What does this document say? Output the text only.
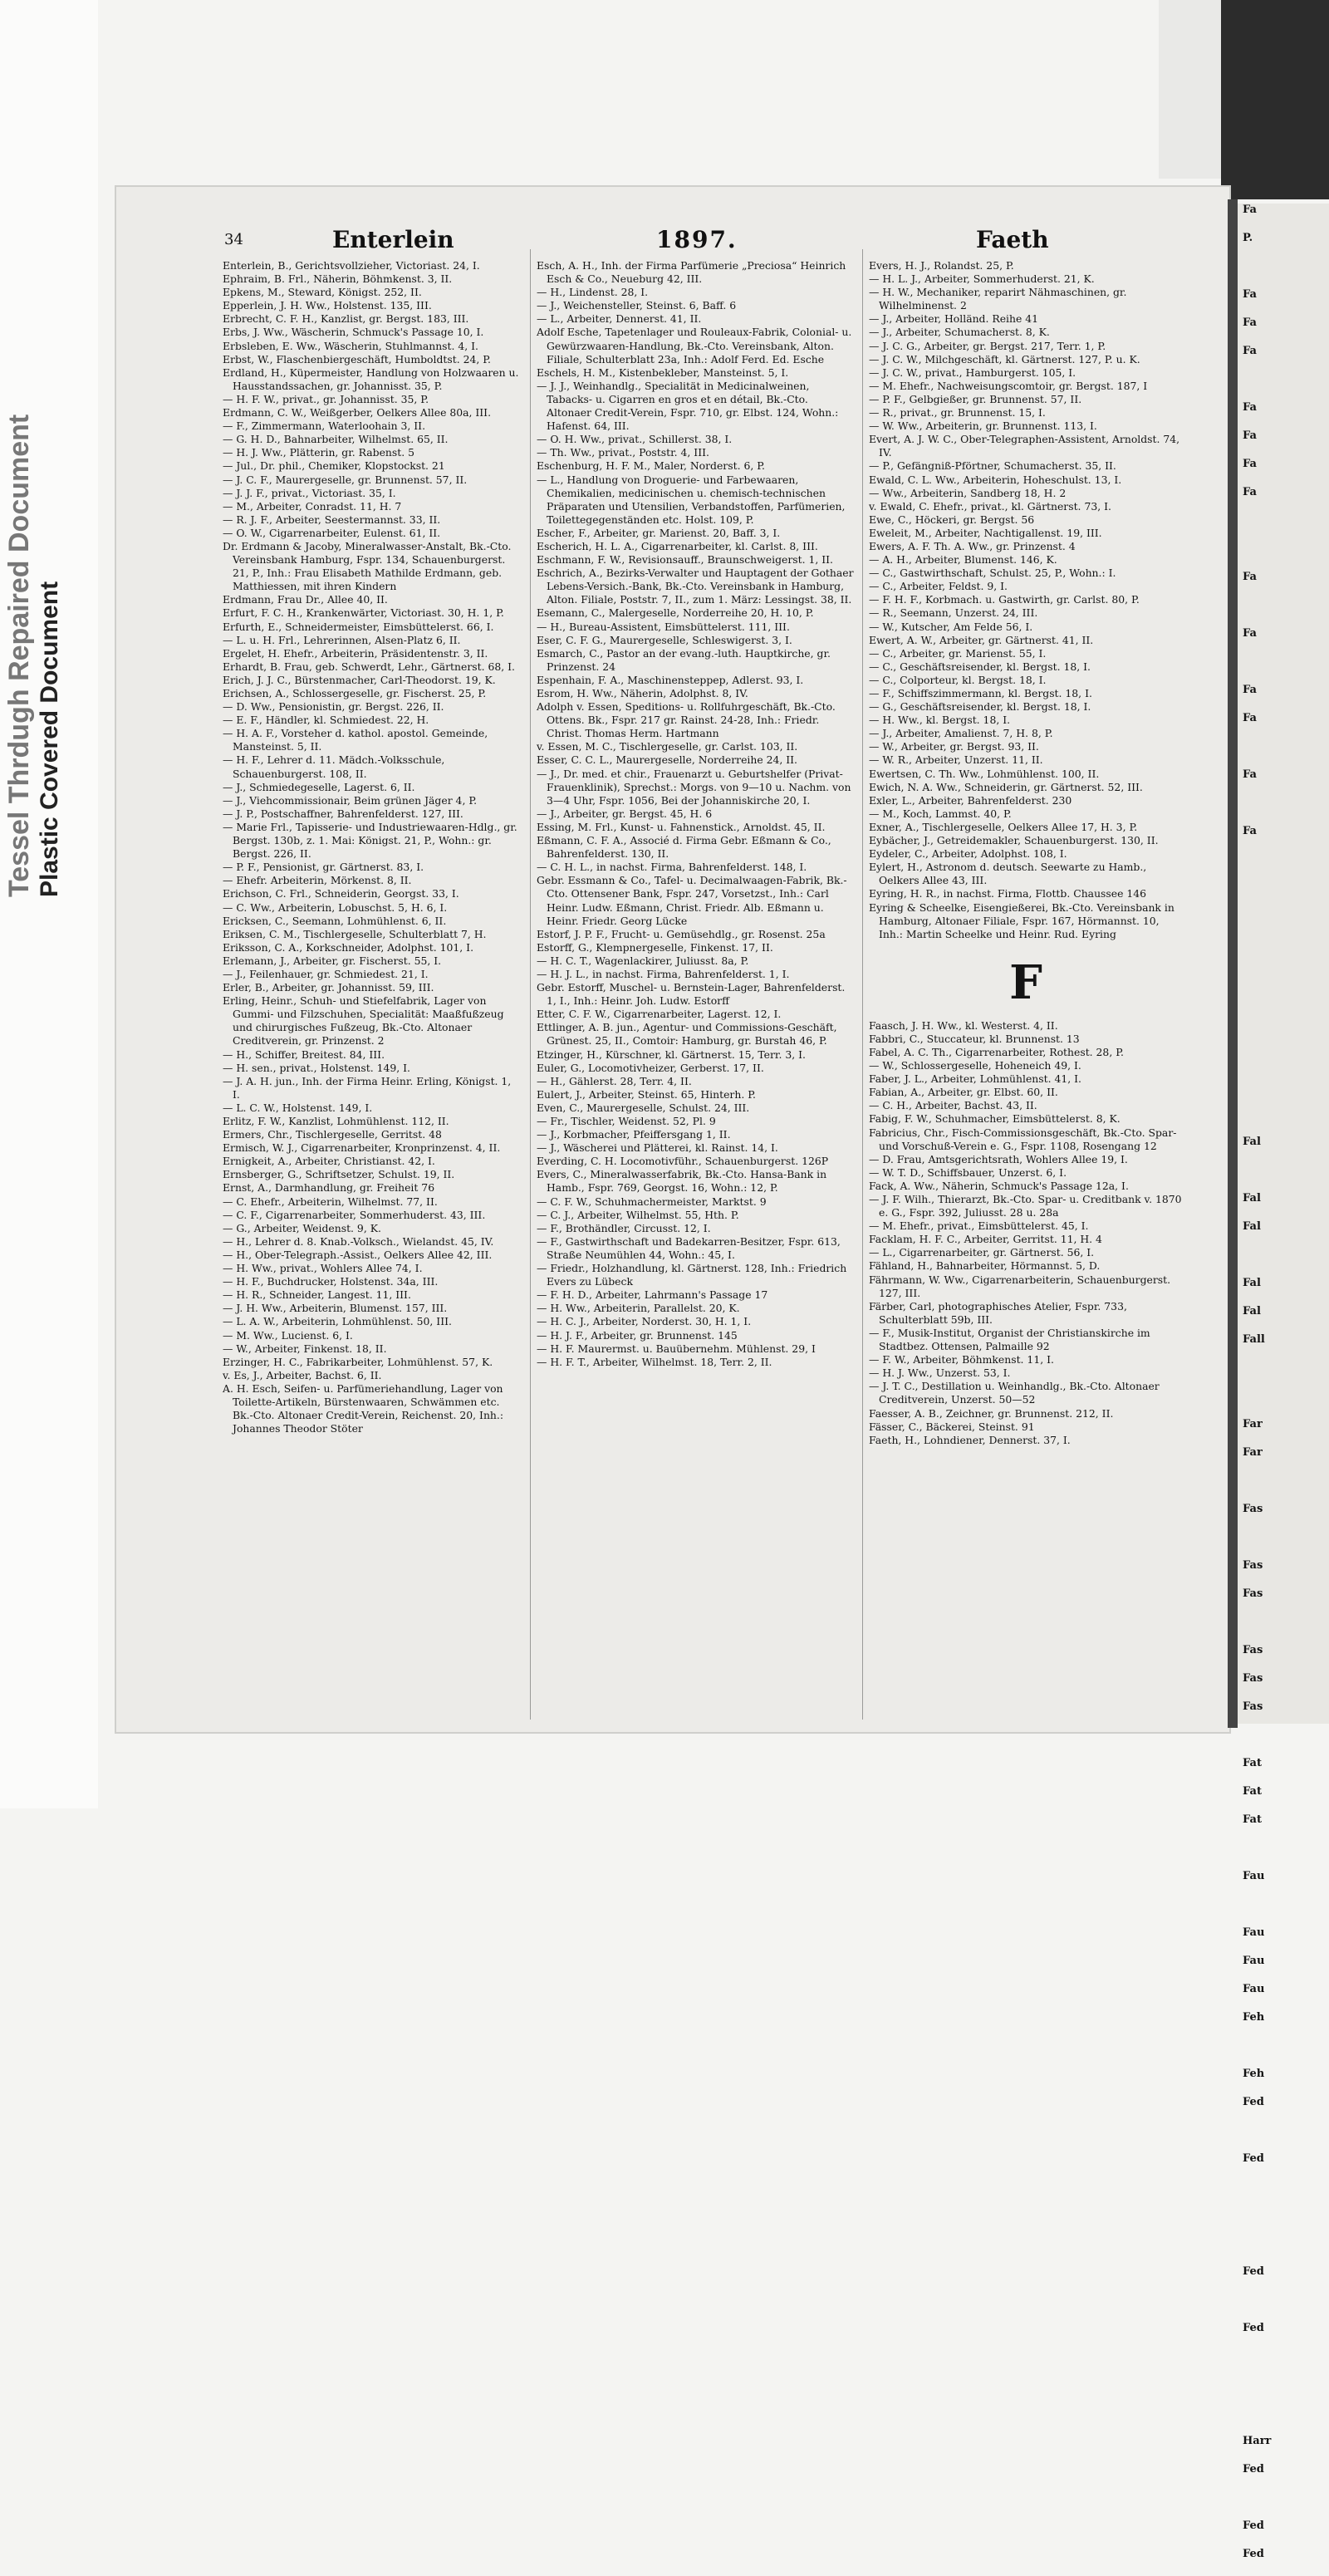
Tessel Thrdugh Repaired Document Plastic Covered Document
Fa
P.
Fa
Fa
Fa
Fa
Fa
Fa
Fa
Fa
Fa
Fa
Fa
Fa
Fa
Fal
Fal
Fal
Fal
Fal
Fall
Far
Far
Fas
Fas
Fas
Fas
Fas
Fas
Fat
Fat
Fat
Fau
Fau
Fau
Fau
Feh
Feh
Fed
Fed
Fed
Fed
Harr
Fed
Fed
Fed
34	Enterlein	1897.	Faeth

Enterlein, B., Gerichtsvollzieher, Victoriast. 24, I.

Ephraim, B. Frl., Näherin, Böhmkenst. 3, II.

Epkens, M., Steward, Königst. 252, II.

Epperlein, J. H. Ww., Holstenst. 135, III.

Erbrecht, C. F. H., Kanzlist, gr. Bergst. 183, III.

Erbs, J. Ww., Wäscherin, Schmuck's Passage 10, I.

Erbsleben, E. Ww., Wäscherin, Stuhlmannst. 4, I.

Erbst, W., Flaschenbiergeschäft, Humboldtst. 24, P.

Erdland, H., Küpermeister, Handlung von Holzwaaren u. Hausstandssachen, gr. Johannisst. 35, P.

— H. F. W., privat., gr. Johannisst. 35, P.

Erdmann, C. W., Weißgerber, Oelkers Allee 80a, III.

— F., Zimmermann, Waterloohain 3, II.

— G. H. D., Bahnarbeiter, Wilhelmst. 65, II.

— H. J. Ww., Plätterin, gr. Rabenst. 5

— Jul., Dr. phil., Chemiker, Klopstockst. 21

— J. C. F., Maurergeselle, gr. Brunnenst. 57, II.

— J. J. F., privat., Victoriast. 35, I.

— M., Arbeiter, Conradst. 11, H. 7

— R. J. F., Arbeiter, Seestermannst. 33, II.

— O. W., Cigarrenarbeiter, Eulenst. 61, II.

Dr. Erdmann & Jacoby, Mineralwasser-Anstalt, Bk.-Cto. Vereinsbank Hamburg, Fspr. 134, Schauenburgerst. 21, P., Inh.: Frau Elisabeth Mathilde Erdmann, geb. Matthiessen, mit ihren Kindern

Erdmann, Frau Dr., Allee 40, II.

Erfurt, F. C. H., Krankenwärter, Victoriast. 30, H. 1, P.

Erfurth, E., Schneidermeister, Eimsbüttelerst. 66, I.

— L. u. H. Frl., Lehrerinnen, Alsen-Platz 6, II.

Ergelet, H. Ehefr., Arbeiterin, Präsidentenstr. 3, II.

Erhardt, B. Frau, geb. Schwerdt, Lehr., Gärtnerst. 68, I.

Erich, J. J. C., Bürstenmacher, Carl-Theodorst. 19, K.

Erichsen, A., Schlossergeselle, gr. Fischerst. 25, P.

— D. Ww., Pensionistin, gr. Bergst. 226, II.

— E. F., Händler, kl. Schmiedest. 22, H.

— H. A. F., Vorsteher d. kathol. apostol. Gemeinde, Mansteinst. 5, II.

— H. F., Lehrer d. 11. Mädch.-Volksschule, Schauenburgerst. 108, II.

— J., Schmiedegeselle, Lagerst. 6, II.

— J., Viehcommissionair, Beim grünen Jäger 4, P.

— J. P., Postschaffner, Bahrenfelderst. 127, III.

— Marie Frl., Tapisserie- und Industriewaaren-Hdlg., gr. Bergst. 130b, z. 1. Mai: Königst. 21, P., Wohn.: gr. Bergst. 226, II.

— P. F., Pensionist, gr. Gärtnerst. 83, I.

— Ehefr. Arbeiterin, Mörkenst. 8, II.

Erichson, C. Frl., Schneiderin, Georgst. 33, I.

— C. Ww., Arbeiterin, Lobuschst. 5, H. 6, I.

Ericksen, C., Seemann, Lohmühlenst. 6, II.

Eriksen, C. M., Tischlergeselle, Schulterblatt 7, H.

Eriksson, C. A., Korkschneider, Adolphst. 101, I.

Erlemann, J., Arbeiter, gr. Fischerst. 55, I.

— J., Feilenhauer, gr. Schmiedest. 21, I.

Erler, B., Arbeiter, gr. Johannisst. 59, III.

Erling, Heinr., Schuh- und Stiefelfabrik, Lager von Gummi- und Filzschuhen, Specialität: Maaßfußzeug und chirurgisches Fußzeug, Bk.-Cto. Altonaer Creditverein, gr. Prinzenst. 2

— H., Schiffer, Breitest. 84, III.

— H. sen., privat., Holstenst. 149, I.

— J. A. H. jun., Inh. der Firma Heinr. Erling, Königst. 1, I.

— L. C. W., Holstenst. 149, I.

Erlitz, F. W., Kanzlist, Lohmühlenst. 112, II.

Ermers, Chr., Tischlergeselle, Gerritst. 48

Ermisch, W. J., Cigarrenarbeiter, Kronprinzenst. 4, II.

Ernigkeit, A., Arbeiter, Christianst. 42, I.

Ernsberger, G., Schriftsetzer, Schulst. 19, II.

Ernst, A., Darmhandlung, gr. Freiheit 76

— C. Ehefr., Arbeiterin, Wilhelmst. 77, II.

— C. F., Cigarrenarbeiter, Sommerhuderst. 43, III.

— G., Arbeiter, Weidenst. 9, K.

— H., Lehrer d. 8. Knab.-Volksch., Wielandst. 45, IV.

— H., Ober-Telegraph.-Assist., Oelkers Allee 42, III.

— H. Ww., privat., Wohlers Allee 74, I.

— H. F., Buchdrucker, Holstenst. 34a, III.

— H. R., Schneider, Langest. 11, III.

— J. H. Ww., Arbeiterin, Blumenst. 157, III.

— L. A. W., Arbeiterin, Lohmühlenst. 50, III.

— M. Ww., Lucienst. 6, I.

— W., Arbeiter, Finkenst. 18, II.

Erzinger, H. C., Fabrikarbeiter, Lohmühlenst. 57, K.

v. Es, J., Arbeiter, Bachst. 6, II.

A. H. Esch, Seifen- u. Parfümeriehandlung, Lager von Toilette-Artikeln, Bürstenwaaren, Schwämmen etc. Bk.-Cto. Altonaer Credit-Verein, Reichenst. 20, Inh.: Johannes Theodor Stöter

Esch, A. H., Inh. der Firma Parfümerie „Preciosa“ Heinrich Esch & Co., Neueburg 42, III.

— H., Lindenst. 28, I.

— J., Weichensteller, Steinst. 6, Baff. 6

— L., Arbeiter, Dennerst. 41, II.

Adolf Esche, Tapetenlager und Rouleaux-Fabrik, Colonial- u. Gewürzwaaren-Handlung, Bk.-Cto. Vereinsbank, Alton. Filiale, Schulterblatt 23a, Inh.: Adolf Ferd. Ed. Esche

Eschels, H. M., Kistenbekleber, Mansteinst. 5, I.

— J. J., Weinhandlg., Specialität in Medicinalweinen, Tabacks- u. Cigarren en gros et en détail, Bk.-Cto. Altonaer Credit-Verein, Fspr. 710, gr. Elbst. 124, Wohn.: Hafenst. 64, III.

— O. H. Ww., privat., Schillerst. 38, I.

— Th. Ww., privat., Poststr. 4, III.

Eschenburg, H. F. M., Maler, Norderst. 6, P.

— L., Handlung von Droguerie- und Farbewaaren, Chemikalien, medicinischen u. chemisch-technischen Präparaten und Utensilien, Verbandstoffen, Parfümerien, Toilettegegenständen etc. Holst. 109, P.

Escher, F., Arbeiter, gr. Marienst. 20, Baff. 3, I.

Escherich, H. L. A., Cigarrenarbeiter, kl. Carlst. 8, III.

Eschmann, F. W., Revisionsauff., Braunschweigerst. 1, II.

Eschrich, A., Bezirks-Verwalter und Hauptagent der Gothaer Lebens-Versich.-Bank, Bk.-Cto. Vereinsbank in Hamburg, Alton. Filiale, Poststr. 7, II., zum 1. März: Lessingst. 38, II.

Esemann, C., Malergeselle, Norderreihe 20, H. 10, P.

— H., Bureau-Assistent, Eimsbüttelerst. 111, III.

Eser, C. F. G., Maurergeselle, Schleswigerst. 3, I.

Esmarch, C., Pastor an der evang.-luth. Hauptkirche, gr. Prinzenst. 24

Espenhain, F. A., Maschinensteppер, Adlerst. 93, I.

Esrom, H. Ww., Näherin, Adolphst. 8, IV.

Adolph v. Essen, Speditions- u. Rollfuhrgeschäft, Bk.-Cto. Ottens. Bk., Fspr. 217 gr. Rainst. 24-28, Inh.: Friedr. Christ. Thomas Herm. Hartmann

v. Essen, M. C., Tischlergeselle, gr. Carlst. 103, II.

Esser, C. C. L., Maurergeselle, Norderreihe 24, II.

— J., Dr. med. et chir., Frauenarzt u. Geburtshelfer (Privat-Frauenklinik), Sprechst.: Morgs. von 9—10 u. Nachm. von 3—4 Uhr, Fspr. 1056, Bei der Johanniskirche 20, I.

— J., Arbeiter, gr. Bergst. 45, H. 6

Essing, M. Frl., Kunst- u. Fahnenstick., Arnoldst. 45, II.

Eßmann, C. F. A., Associé d. Firma Gebr. Eßmann & Co., Bahrenfelderst. 130, II.

— C. H. L., in nachst. Firma, Bahrenfelderst. 148, I.

Gebr. Essmann & Co., Tafel- u. Decimalwaagen-Fabrik, Bk.-Cto. Ottensener Bank, Fspr. 247, Vorsetzst., Inh.: Carl Heinr. Ludw. Eßmann, Christ. Friedr. Alb. Eßmann u. Heinr. Friedr. Georg Lücke

Estorf, J. P. F., Frucht- u. Gemüsehdlg., gr. Rosenst. 25a

Estorff, G., Klempnergeselle, Finkenst. 17, II.

— H. C. T., Wagenlackirer, Juliusst. 8a, P.

— H. J. L., in nachst. Firma, Bahrenfelderst. 1, I.

Gebr. Estorff, Muschel- u. Bernstein-Lager, Bahrenfelderst. 1, I., Inh.: Heinr. Joh. Ludw. Estorff

Etter, C. F. W., Cigarrenarbeiter, Lagerst. 12, I.

Ettlinger, A. B. jun., Agentur- und Commissions-Geschäft, Grünest. 25, II., Comtoir: Hamburg, gr. Burstah 46, P.

Etzinger, H., Kürschner, kl. Gärtnerst. 15, Terr. 3, I.

Euler, G., Locomotivheizer, Gerberst. 17, II.

— H., Gählerst. 28, Terr. 4, II.

Eulert, J., Arbeiter, Steinst. 65, Hinterh. P.

Even, C., Maurergeselle, Schulst. 24, III.

— Fr., Tischler, Weidenst. 52, Pl. 9

— J., Korbmacher, Pfeiffersgang 1, II.

— J., Wäscherei und Plätterei, kl. Rainst. 14, I.

Everding, C. H. Locomotivführ., Schauenburgerst. 126P

Evers, C., Mineralwasserfabrik, Bk.-Cto. Hansa-Bank in Hamb., Fspr. 769, Georgst. 16, Wohn.: 12, P.

— C. F. W., Schuhmachermeister, Marktst. 9

— C. J., Arbeiter, Wilhelmst. 55, Hth. P.

— F., Brothändler, Circusst. 12, I.

— F., Gastwirthschaft und Badekarren-Besitzer, Fspr. 613, Straße Neumühlen 44, Wohn.: 45, I.

— Friedr., Holzhandlung, kl. Gärtnerst. 128, Inh.: Friedrich Evers zu Lübeck

— F. H. D., Arbeiter, Lahrmann's Passage 17

— H. Ww., Arbeiterin, Parallelst. 20, K.

— H. C. J., Arbeiter, Norderst. 30, H. 1, I.

— H. J. F., Arbeiter, gr. Brunnenst. 145

— H. F. Maurermst. u. Bauübernehm. Mühlenst. 29, I

— H. F. T., Arbeiter, Wilhelmst. 18, Terr. 2, II.

Evers, H. J., Rolandst. 25, P.

— H. L. J., Arbeiter, Sommerhuderst. 21, K.

— H. W., Mechaniker, reparirt Nähmaschinen, gr. Wilhelminenst. 2

— J., Arbeiter, Holländ. Reihe 41

— J., Arbeiter, Schumacherst. 8, K.

— J. C. G., Arbeiter, gr. Bergst. 217, Terr. 1, P.

— J. C. W., Milchgeschäft, kl. Gärtnerst. 127, P. u. K.

— J. C. W., privat., Hamburgerst. 105, I.

— M. Ehefr., Nachweisungscomtoir, gr. Bergst. 187, I

— P. F., Gelbgießer, gr. Brunnenst. 57, II.

— R., privat., gr. Brunnenst. 15, I.

— W. Ww., Arbeiterin, gr. Brunnenst. 113, I.

Evert, A. J. W. C., Ober-Telegraphen-Assistent, Arnoldst. 74, IV.

— P., Gefängniß-Pförtner, Schumacherst. 35, II.

Ewald, C. L. Ww., Arbeiterin, Hoheschulst. 13, I.

— Ww., Arbeiterin, Sandberg 18, H. 2

v. Ewald, C. Ehefr., privat., kl. Gärtnerst. 73, I.

Ewe, C., Höckeri, gr. Bergst. 56

Eweleit, M., Arbeiter, Nachtigallenst. 19, III.

Ewers, A. F. Th. A. Ww., gr. Prinzenst. 4

— A. H., Arbeiter, Blumenst. 146, K.

— C., Gastwirthschaft, Schulst. 25, P., Wohn.: I.

— C., Arbeiter, Feldst. 9, I.

— F. H. F., Korbmach. u. Gastwirth, gr. Carlst. 80, P.

— R., Seemann, Unzerst. 24, III.

— W., Kutscher, Am Felde 56, I.

Ewert, A. W., Arbeiter, gr. Gärtnerst. 41, II.

— C., Arbeiter, gr. Marienst. 55, I.

— C., Geschäftsreisender, kl. Bergst. 18, I.

— C., Colporteur, kl. Bergst. 18, I.

— F., Schiffszimmermann, kl. Bergst. 18, I.

— G., Geschäftsreisender, kl. Bergst. 18, I.

— H. Ww., kl. Bergst. 18, I.

— J., Arbeiter, Amalienst. 7, H. 8, P.

— W., Arbeiter, gr. Bergst. 93, II.

— W. R., Arbeiter, Unzerst. 11, II.

Ewertsen, C. Th. Ww., Lohmühlenst. 100, II.

Ewich, N. A. Ww., Schneiderin, gr. Gärtnerst. 52, III.

Exler, L., Arbeiter, Bahrenfelderst. 230

— M., Koch, Lammst. 40, P.

Exner, A., Tischlergeselle, Oelkers Allee 17, H. 3, P.

Eybächer, J., Getreidemakler, Schauenburgerst. 130, II.

Eydeler, C., Arbeiter, Adolphst. 108, I.

Eylert, H., Astronom d. deutsch. Seewarte zu Hamb., Oelkers Allee 43, III.

Eyring, H. R., in nachst. Firma, Flottb. Chaussee 146

Eyring & Scheelke, Eisengießerei, Bk.-Cto. Vereinsbank in Hamburg, Altonaer Filiale, Fspr. 167, Hörmannst. 10, Inh.: Martin Scheelke und Heinr. Rud. Eyring

F

Faasch, J. H. Ww., kl. Westerst. 4, II.

Fabbri, C., Stuccateur, kl. Brunnenst. 13

Fabel, A. C. Th., Cigarrenarbeiter, Rothest. 28, P.

— W., Schlossergeselle, Hoheneich 49, I.

Faber, J. L., Arbeiter, Lohmühlenst. 41, I.

Fabian, A., Arbeiter, gr. Elbst. 60, II.

— C. H., Arbeiter, Bachst. 43, II.

Fabig, F. W., Schuhmacher, Eimsbüttelerst. 8, K.

Fabricius, Chr., Fisch-Commissionsgeschäft, Bk.-Cto. Spar- und Vorschuß-Verein e. G., Fspr. 1108, Rosengang 12

— D. Frau, Amtsgerichtsrath, Wohlers Allee 19, I.

— W. T. D., Schiffsbauer, Unzerst. 6, I.

Fack, A. Ww., Näherin, Schmuck's Passage 12a, I.

— J. F. Wilh., Thierarzt, Bk.-Cto. Spar- u. Creditbank v. 1870 e. G., Fspr. 392, Juliusst. 28 u. 28a

— M. Ehefr., privat., Eimsbüttelerst. 45, I.

Facklam, H. F. C., Arbeiter, Gerritst. 11, H. 4

— L., Cigarrenarbeiter, gr. Gärtnerst. 56, I.

Fähland, H., Bahnarbeiter, Hörmannst. 5, D.

Fährmann, W. Ww., Cigarrenarbeiterin, Schauenburgerst. 127, III.

Färber, Carl, photographisches Atelier, Fspr. 733, Schulterblatt 59b, III.

— F., Musik-Institut, Organist der Christianskirche im Stadtbez. Ottensen, Palmaille 92

— F. W., Arbeiter, Böhmkenst. 11, I.

— H. J. Ww., Unzerst. 53, I.

— J. T. C., Destillation u. Weinhandlg., Bk.-Cto. Altonaer Creditverein, Unzerst. 50—52

Faesser, A. B., Zeichner, gr. Brunnenst. 212, II.

Fässer, C., Bäckerei, Steinst. 91

Faeth, H., Lohndiener, Dennerst. 37, I.
